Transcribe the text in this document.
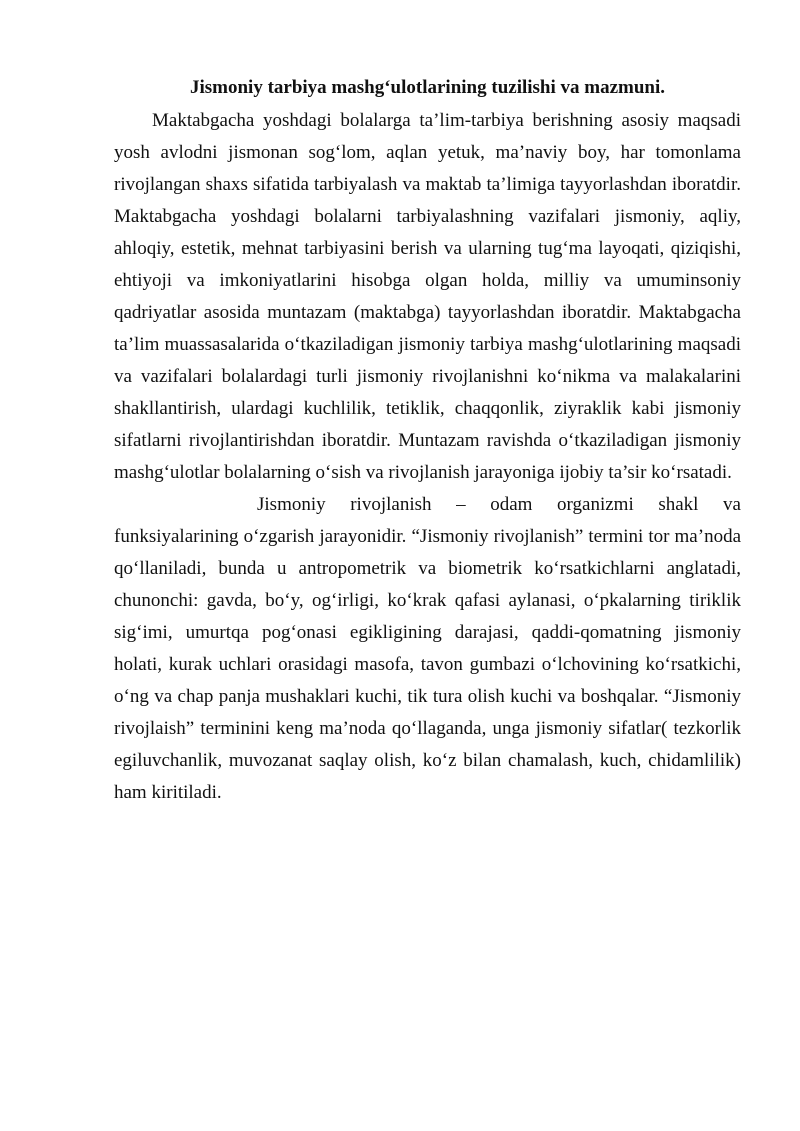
Jismoniy tarbiya mashg‘ulotlarining tuzilishi va mazmuni.

Maktabgacha yoshdagi bolalarga ta’lim-tarbiya berishning asosiy maqsadi yosh avlodni jismonan sog‘lom, aqlan yetuk, ma’naviy boy, har tomonlama rivojlangan shaxs sifatida tarbiyalash va maktab ta’limiga tayyorlashdan iboratdir. Maktabgacha yoshdagi bolalarni tarbiyalashning vazifalari jismoniy, aqliy, ahloqiy, estetik, mehnat tarbiyasini berish va ularning tug‘ma layoqati, qiziqishi, ehtiyoji va imkoniyatlarini hisobga olgan holda, milliy va umuminsoniy qadriyatlar asosida muntazam (maktabga) tayyorlashdan iboratdir. Maktabgacha ta’lim muassasalarida o‘tkaziladigan jismoniy tarbiya mashg‘ulotlarining maqsadi va vazifalari bolalardagi turli jismoniy rivojlanishni ko‘nikma va malakalarini shakllantirish, ulardagi kuchlilik, tetiklik, chaqqonlik, ziyraklik kabi jismoniy sifatlarni rivojlantirishdan iboratdir. Muntazam ravishda o‘tkaziladigan jismoniy mashg‘ulotlar bolalarning o‘sish va rivojlanish jarayoniga ijobiy ta’sir ko‘rsatadi.

Jismoniy rivojlanish – odam organizmi shakl va funksiyalarining o‘zgarish jarayonidir. “Jismoniy rivojlanish” termini tor ma’noda qo‘llaniladi, bunda u antropometrik va biometrik ko‘rsatkichlarni anglatadi, chunonchi: gavda, bo‘y, og‘irligi, ko‘krak qafasi aylanasi, o‘pkalarning tiriklik sig‘imi, umurtqa pog‘onasi egikligining darajasi, qaddi-qomatning jismoniy holati, kurak uchlari orasidagi masofa, tavon gumbazi o‘lchovining ko‘rsatkichi, o‘ng va chap panja mushaklari kuchi, tik tura olish kuchi va boshqalar. “Jismoniy rivojlaish” terminini keng ma’noda qo‘llaganda, unga jismoniy sifatlar( tezkorlik egiluvchanlik, muvozanat saqlay olish, ko‘z bilan chamalash, kuch, chidamlilik) ham kiritiladi.
